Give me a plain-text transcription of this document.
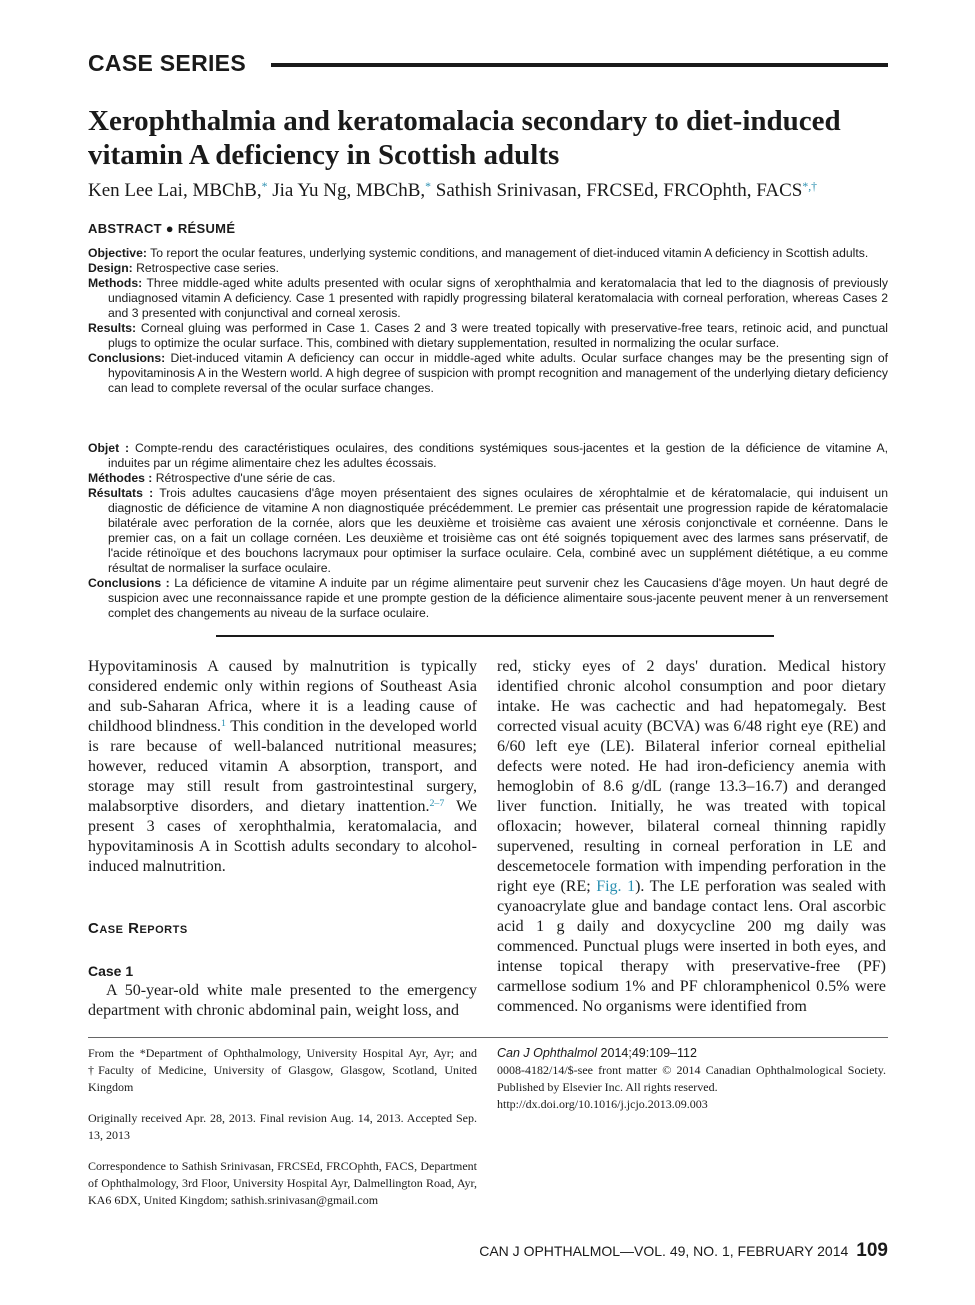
CASE SERIES
Xerophthalmia and keratomalacia secondary to diet-induced vitamin A deficiency in Scottish adults
Ken Lee Lai, MBChB,* Jia Yu Ng, MBChB,* Sathish Srinivasan, FRCSEd, FRCOphth, FACS*,†
ABSTRACT ● RÉSUMÉ

Objective: To report the ocular features, underlying systemic conditions, and management of diet-induced vitamin A deficiency in Scottish adults.

Design: Retrospective case series.

Methods: Three middle-aged white adults presented with ocular signs of xerophthalmia and keratomalacia that led to the diagnosis of previously undiagnosed vitamin A deficiency. Case 1 presented with rapidly progressing bilateral keratomalacia with corneal perforation, whereas Cases 2 and 3 presented with conjunctival and corneal xerosis.

Results: Corneal gluing was performed in Case 1. Cases 2 and 3 were treated topically with preservative-free tears, retinoic acid, and punctual plugs to optimize the ocular surface. This, combined with dietary supplementation, resulted in normalizing the ocular surface.

Conclusions: Diet-induced vitamin A deficiency can occur in middle-aged white adults. Ocular surface changes may be the presenting sign of hypovitaminosis A in the Western world. A high degree of suspicion with prompt recognition and management of the underlying dietary deficiency can lead to complete reversal of the ocular surface changes.

Objet : Compte-rendu des caractéristiques oculaires, des conditions systémiques sous-jacentes et la gestion de la déficience de vitamine A, induites par un régime alimentaire chez les adultes écossais.

Méthodes : Rétrospective d'une série de cas.

Résultats : Trois adultes caucasiens d'âge moyen présentaient des signes oculaires de xérophtalmie et de kératomalacie, qui induisent un diagnostic de déficience de vitamine A non diagnostiquée précédemment. Le premier cas présentait une progression rapide de kératomalacie bilatérale avec perforation de la cornée, alors que les deuxième et troisième cas avaient une xérosis conjonctivale et cornéenne. Dans le premier cas, on a fait un collage cornéen. Les deuxième et troisième cas ont été soignés topiquement avec des larmes sans préservatif, de l'acide rétinoïque et des bouchons lacrymaux pour optimiser la surface oculaire. Cela, combiné avec un supplément diététique, a eu comme résultat de normaliser la surface oculaire.

Conclusions : La déficience de vitamine A induite par un régime alimentaire peut survenir chez les Caucasiens d'âge moyen. Un haut degré de suspicion avec une reconnaissance rapide et une prompte gestion de la déficience alimentaire sous-jacente peuvent mener à un renversement complet des changements au niveau de la surface oculaire.

Hypovitaminosis A caused by malnutrition is typically considered endemic only within regions of Southeast Asia and sub-Saharan Africa, where it is a leading cause of childhood blindness.$^1$ This condition in the developed world is rare because of well-balanced nutritional measures; however, reduced vitamin A absorption, transport, and storage may still result from gastrointestinal surgery, malabsorptive disorders, and dietary inattention.$^{2-7}$ We present 3 cases of xerophthalmia, keratomalacia, and hypovitaminosis A in Scottish adults secondary to alcohol-induced malnutrition.

Case Reports

Case 1

A 50-year-old white male presented to the emergency department with chronic abdominal pain, weight loss, and

red, sticky eyes of 2 days' duration. Medical history identified chronic alcohol consumption and poor dietary intake. He was cachectic and had hepatomegaly. Best corrected visual acuity (BCVA) was 6/48 right eye (RE) and 6/60 left eye (LE). Bilateral inferior corneal epithelial defects were noted. He had iron-deficiency anemia with hemoglobin of 8.6 g/dL (range 13.3–16.7) and deranged liver function. Initially, he was treated with topical ofloxacin; however, bilateral corneal thinning rapidly supervened, resulting in corneal perforation in LE and descemetocele formation with impending perforation in the right eye (RE; Fig. 1). The LE perforation was sealed with cyanoacrylate glue and bandage contact lens. Oral ascorbic acid 1 g daily and doxycycline 200 mg daily was commenced. Punctual plugs were inserted in both eyes, and intense topical therapy with preservative-free (PF) carmellose sodium 1% and PF chloramphenicol 0.5% were commenced. No organisms were identified from

From the *Department of Ophthalmology, University Hospital Ayr, Ayr; and †Faculty of Medicine, University of Glasgow, Glasgow, Scotland, United Kingdom

Originally received Apr. 28, 2013. Final revision Aug. 14, 2013. Accepted Sep. 13, 2013

Correspondence to Sathish Srinivasan, FRCSEd, FRCOphth, FACS, Department of Ophthalmology, 3rd Floor, University Hospital Ayr, Dalmellington Road, Ayr, KA6 6DX, United Kingdom; sathish.srinivasan@gmail.com

Can J Ophthalmol 2014;49:109–112

0008-4182/14/$-see front matter © 2014 Canadian Ophthalmological Society. Published by Elsevier Inc. All rights reserved.

http://dx.doi.org/10.1016/j.jcjo.2013.09.003

CAN J OPHTHALMOL—VOL. 49, NO. 1, FEBRUARY 2014 109
